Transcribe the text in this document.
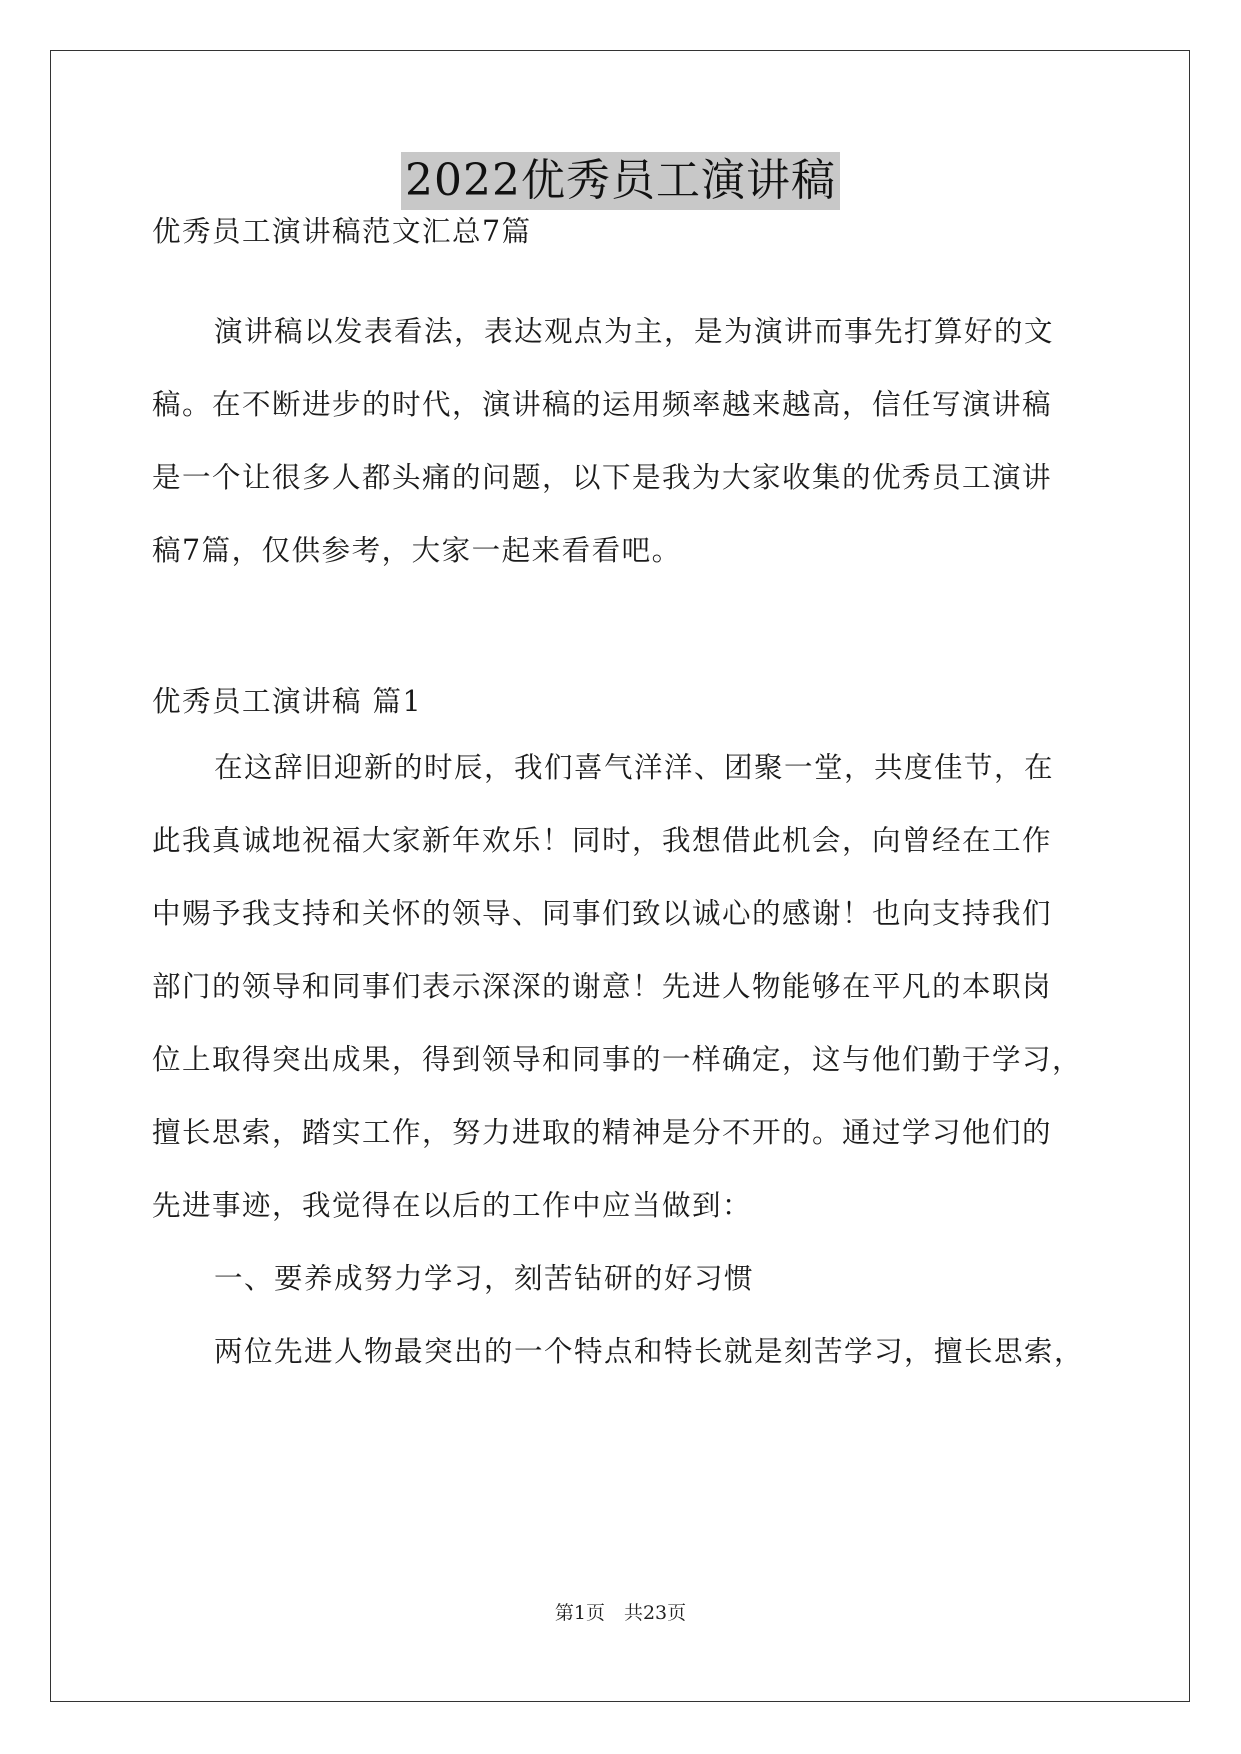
2022优秀员工演讲稿
优秀员工演讲稿范文汇总7篇
演讲稿以发表看法，表达观点为主，是为演讲而事先打算好的文
稿。在不断进步的时代，演讲稿的运用频率越来越高，信任写演讲稿
是一个让很多人都头痛的问题，以下是我为大家收集的优秀员工演讲
稿7篇，仅供参考，大家一起来看看吧。
优秀员工演讲稿 篇1
在这辞旧迎新的时辰，我们喜气洋洋、团聚一堂，共度佳节，在
此我真诚地祝福大家新年欢乐！同时，我想借此机会，向曾经在工作
中赐予我支持和关怀的领导、同事们致以诚心的感谢！也向支持我们
部门的领导和同事们表示深深的谢意！先进人物能够在平凡的本职岗
位上取得突出成果，得到领导和同事的一样确定，这与他们勤于学习，
擅长思索，踏实工作，努力进取的精神是分不开的。通过学习他们的
先进事迹，我觉得在以后的工作中应当做到：
一、要养成努力学习，刻苦钻研的好习惯
两位先进人物最突出的一个特点和特长就是刻苦学习，擅长思索，
第1页　共23页
